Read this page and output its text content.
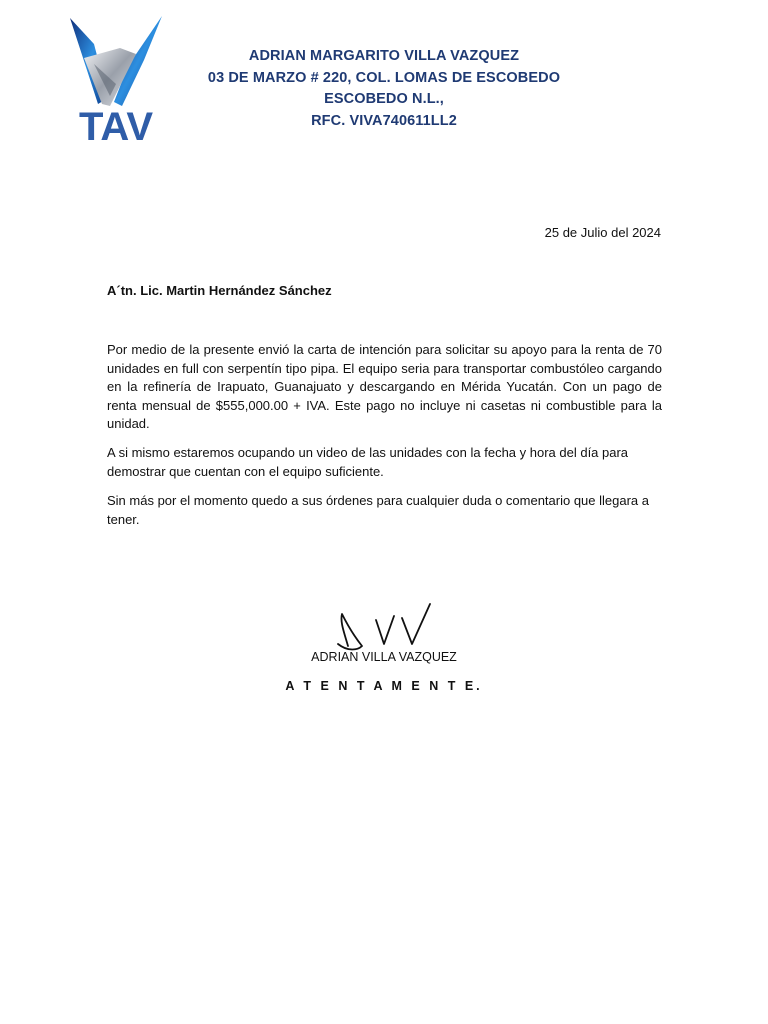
TAV
ADRIAN MARGARITO VILLA VAZQUEZ
03 DE MARZO # 220, COL. LOMAS DE ESCOBEDO
ESCOBEDO N.L.,
RFC. VIVA740611LL2
25 de Julio del 2024
A´tn. Lic. Martin Hernández Sánchez

Por medio de la presente envió la carta de intención para solicitar su apoyo para la renta de 70 unidades en full con serpentín tipo pipa. El equipo seria para transportar combustóleo cargando en la refinería de Irapuato, Guanajuato y descargando en Mérida Yucatán. Con un pago de renta mensual de $555,000.00 + IVA. Este pago no incluye ni casetas ni combustible para la unidad.

A si mismo estaremos ocupando un video de las unidades con la fecha y hora del día para demostrar que cuentan con el equipo suficiente.

Sin más por el momento quedo a sus órdenes para cualquier duda o comentario que llegara a tener.

ADRIAN VILLA VAZQUEZ
A T E N T A M E N T E.
